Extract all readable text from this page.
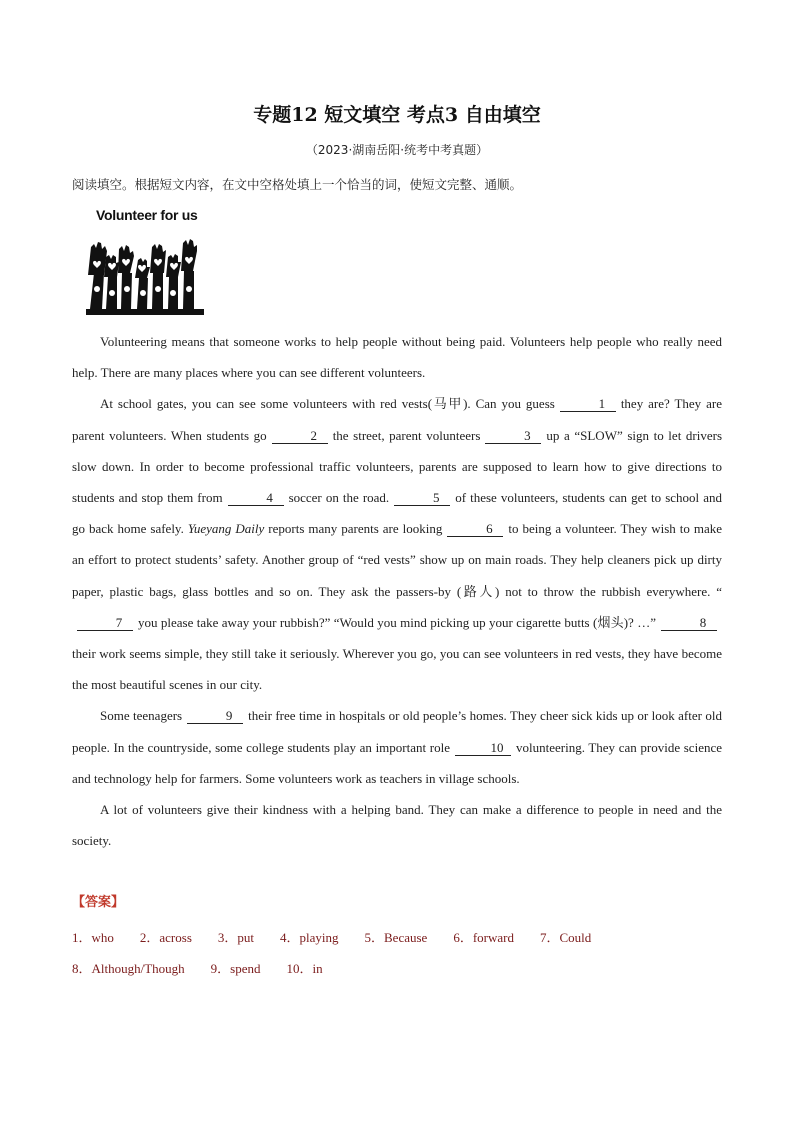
专题12 短文填空 考点3 自由填空
（2023·湖南岳阳·统考中考真题）
阅读填空。根据短文内容，在文中空格处填上一个恰当的词，使短文完整、通顺。
Volunteer for us

Volunteering means that someone works to help people without being paid. Volunteers help people who really need help. There are many places where you can see different volunteers.

At school gates, you can see some volunteers with red vests(马甲). Can you guess	1 they are? They are parent volunteers. When students go	2 the street, parent volunteers	3 up a “SLOW” sign to let drivers slow down. In order to become professional traffic volunteers, parents are supposed to learn how to give directions to students and stop them from	4 soccer on the road.	5 of these volunteers, students can get to school and go back home safely. Yueyang Daily reports many parents are looking	6 to being a volunteer. They wish to make an effort to protect students’ safety. Another group of “red vests” show up on main roads. They help cleaners pick up dirty paper, plastic bags, glass bottles and so on. They ask the passers-by (路人) not to throw the rubbish everywhere. “7 you please take away your rubbish?” “Would you mind picking up your cigarette butts (烟头)? …”	8their work seems simple, they still take it seriously. Wherever you go, you can see volunteers in red vests, they have become the most beautiful scenes in our city.

Some teenagers	9 their free time in hospitals or old people’s homes. They cheer sick kids up or look after old people. In the countryside, some college students play an important role	10 volunteering. They can provide science and technology help for farmers. Some volunteers work as teachers in village schools.

A lot of volunteers give their kindness with a helping band. They can make a difference to people in need and the society.

【答案】
1．who 2．across 3．put 4．playing 5．Because 6．forward 7．Could
8．Although/Though 9．spend 10．in
